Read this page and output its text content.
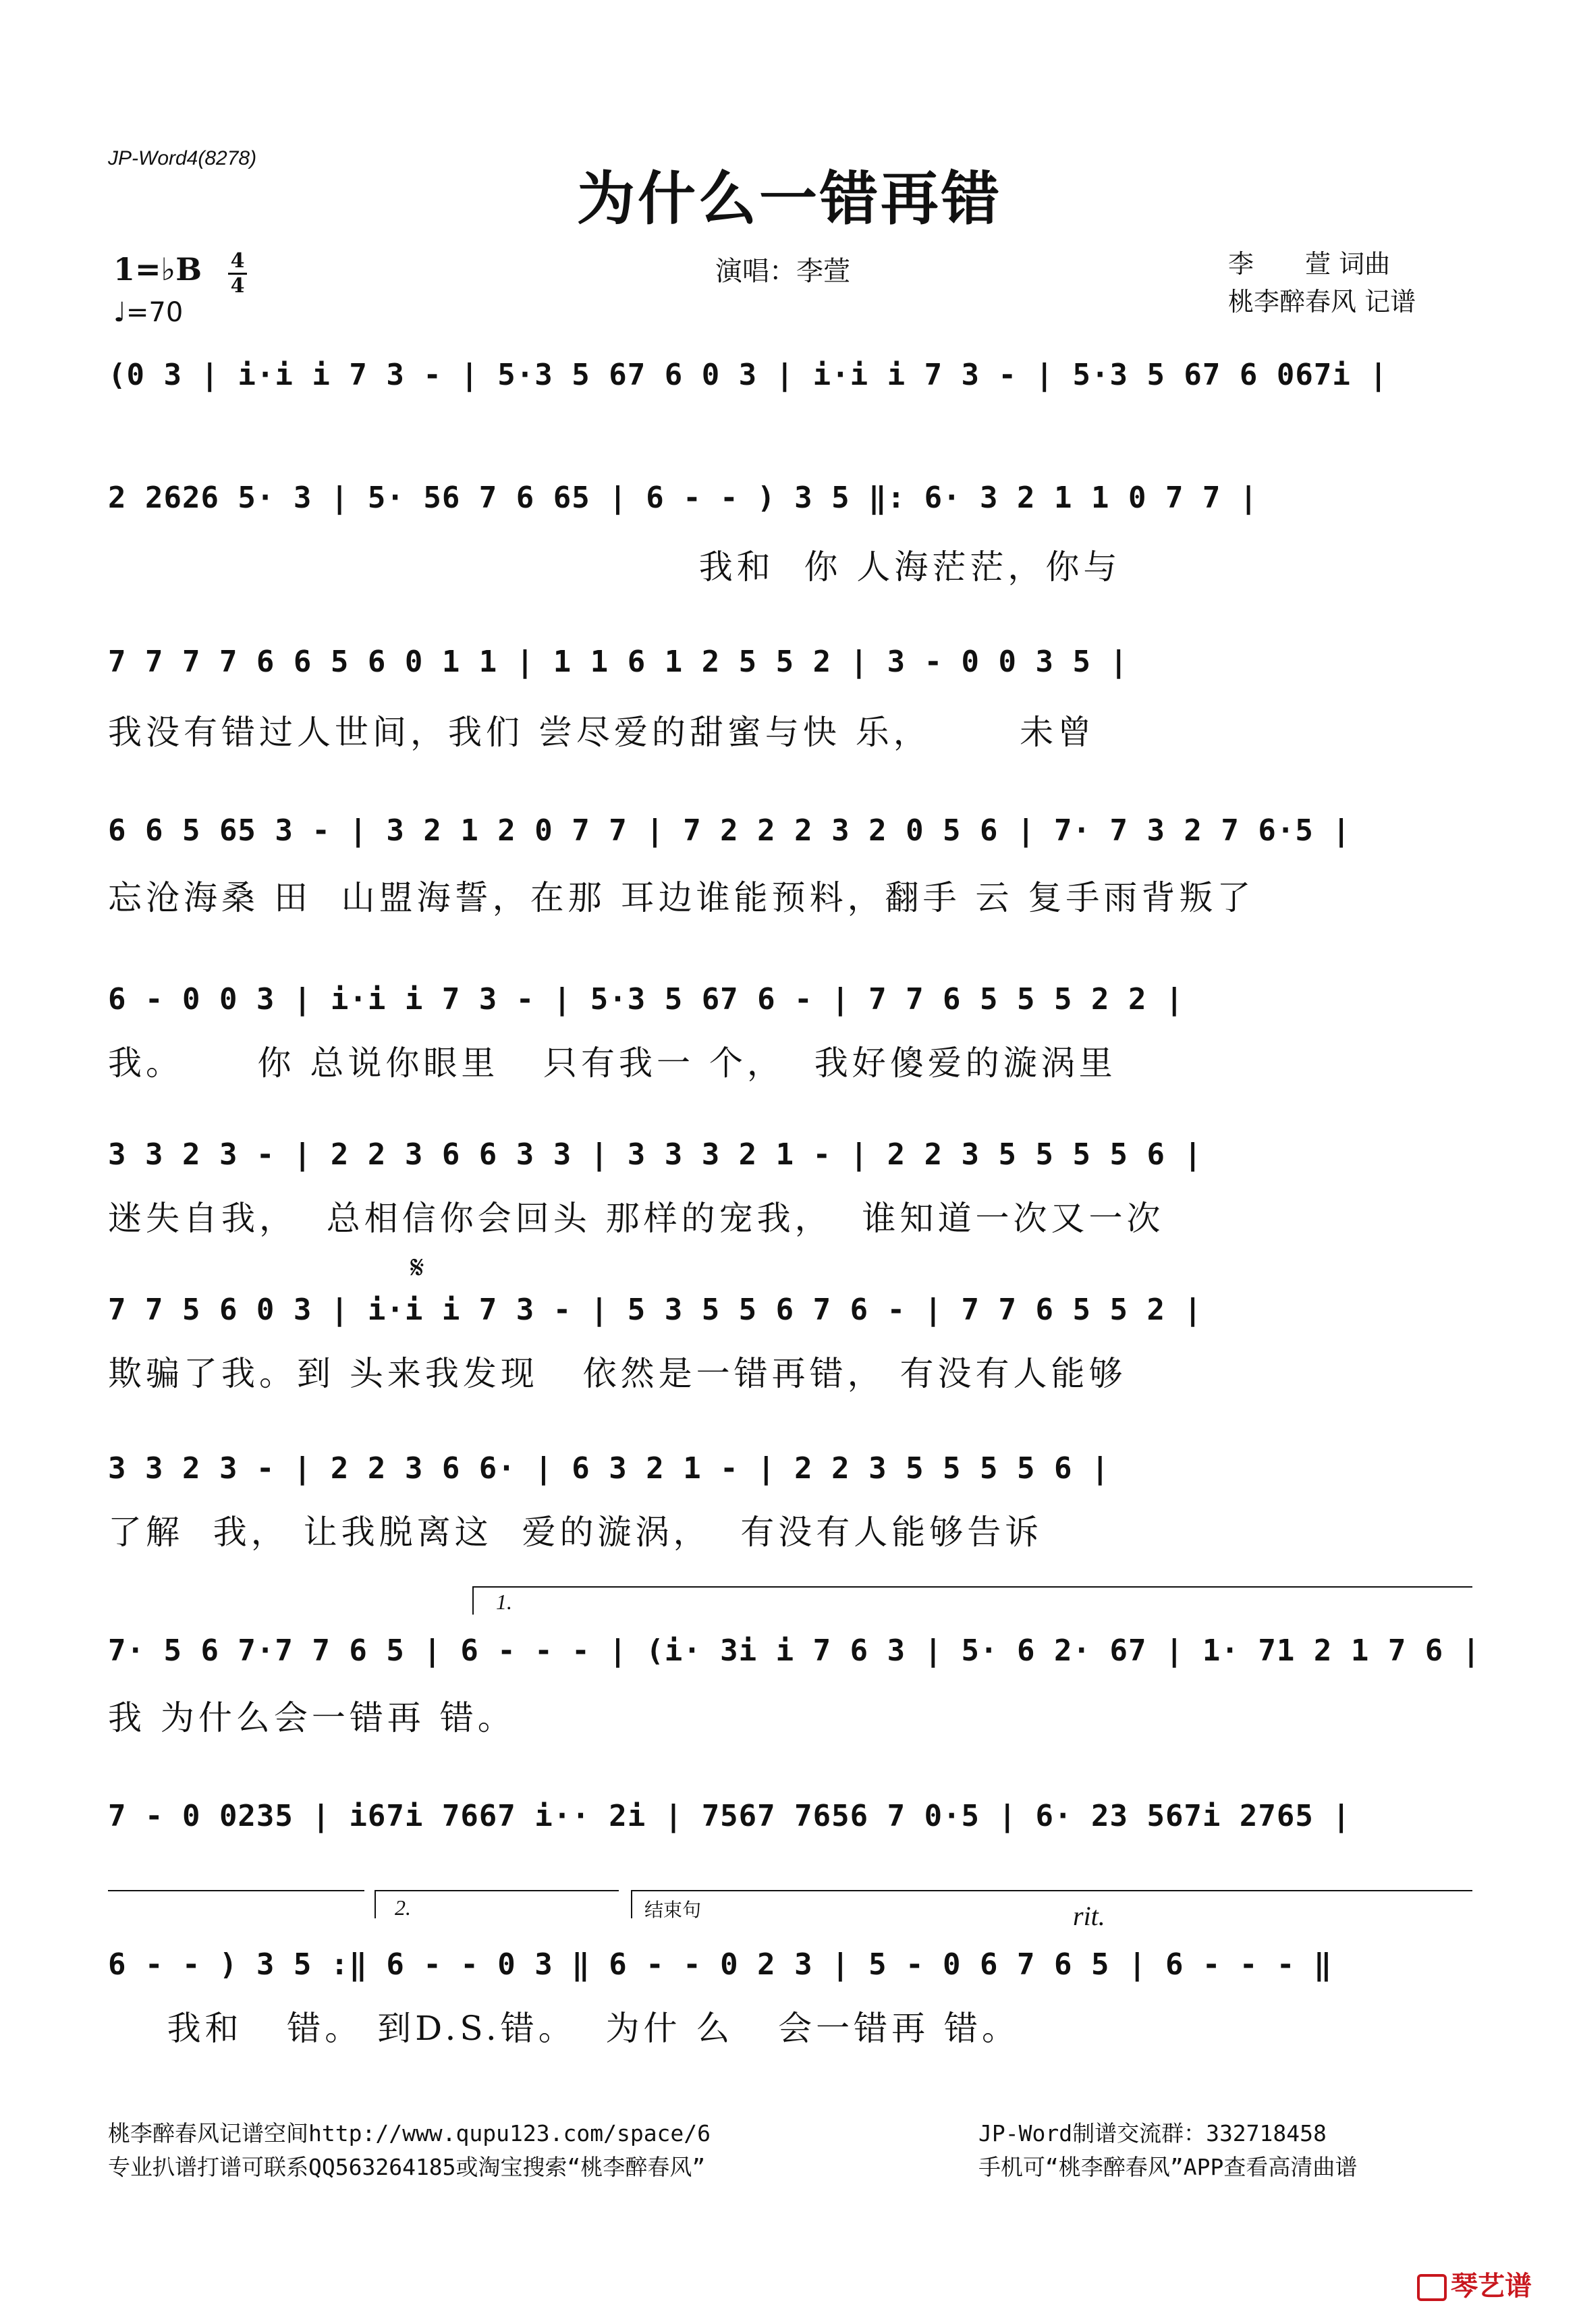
JP-Word4(8278)
为什么一错再错
1=♭B 4
4
♩=70
演唱：李萱	李　　萱 词曲
桃李醉春风 记谱
(0 3 | i·i i 7 3 - | 5·3 5 67 6 0 3 | i·i i 7 3 - | 5·3 5 67 6 067i |
2 2626 5· 3 | 5· 56 7 6 65 | 6 - - ) 3 5 ‖: 6· 3 2 1 1 0 7 7 |
我和  你 人海茫茫，你与
7 7 7 7 6 6 5 6 0 1 1 | 1 1 6 1 2 5 5 2 | 3 - 0 0 3 5 |
我没有错过人世间，我们 尝尽爱的甜蜜与快 乐，      未曾
6 6 5 65 3 - | 3 2 1 2 0 7 7 | 7 2 2 2 3 2 0 5 6 | 7· 7 3 2 7 6·5 |
忘沧海桑 田  山盟海誓，在那 耳边谁能预料，翻手 云 复手雨背叛了
6 - 0 0 3 | i·i i 7 3 - | 5·3 5 67 6 - | 7 7 6 5 5 5 2 2 |
我。     你 总说你眼里   只有我一 个，  我好傻爱的漩涡里
3 3 2 3 - | 2 2 3 6 6 3 3 | 3 3 3 2 1 - | 2 2 3 5 5 5 5 6 |
迷失自我，  总相信你会回头 那样的宠我，  谁知道一次又一次
𝄋
7 7 5 6 0 3 | i·i i 7 3 - | 5 3 5 5 6 7 6 - | 7 7 6 5 5 2 |
欺骗了我。到 头来我发现   依然是一错再错， 有没有人能够
3 3 2 3 - | 2 2 3 6 6· | 6 3 2 1 - | 2 2 3 5 5 5 5 6 |
了解  我， 让我脱离这  爱的漩涡，  有没有人能够告诉
1.
7· 5 6 7·7 7 6 5 | 6 - - - | (i· 3i i 7 6 3 | 5· 6 2· 67 | 1· 71 2 1 7 6 |
我 为什么会一错再 错。
7 - 0 0235 | i67i 7667 i·· 2i | 7567 7656 7 0·5 | 6· 23 567i 2765 |
2.	结束句	rit.
6 - - ) 3 5 :‖ 6 - - 0 3 ‖ 6 - - 0 2 3 | 5 - 0 6 7 6 5 | 6 - - - ‖
我和   错。 到D.S.错。  为什 么   会一错再 错。
桃李醉春风记谱空间http://www.qupu123.com/space/6
专业扒谱打谱可联系QQ563264185或淘宝搜索“桃李醉春风”
JP-Word制谱交流群：332718458
手机可“桃李醉春风”APP查看高清曲谱
琴艺谱
